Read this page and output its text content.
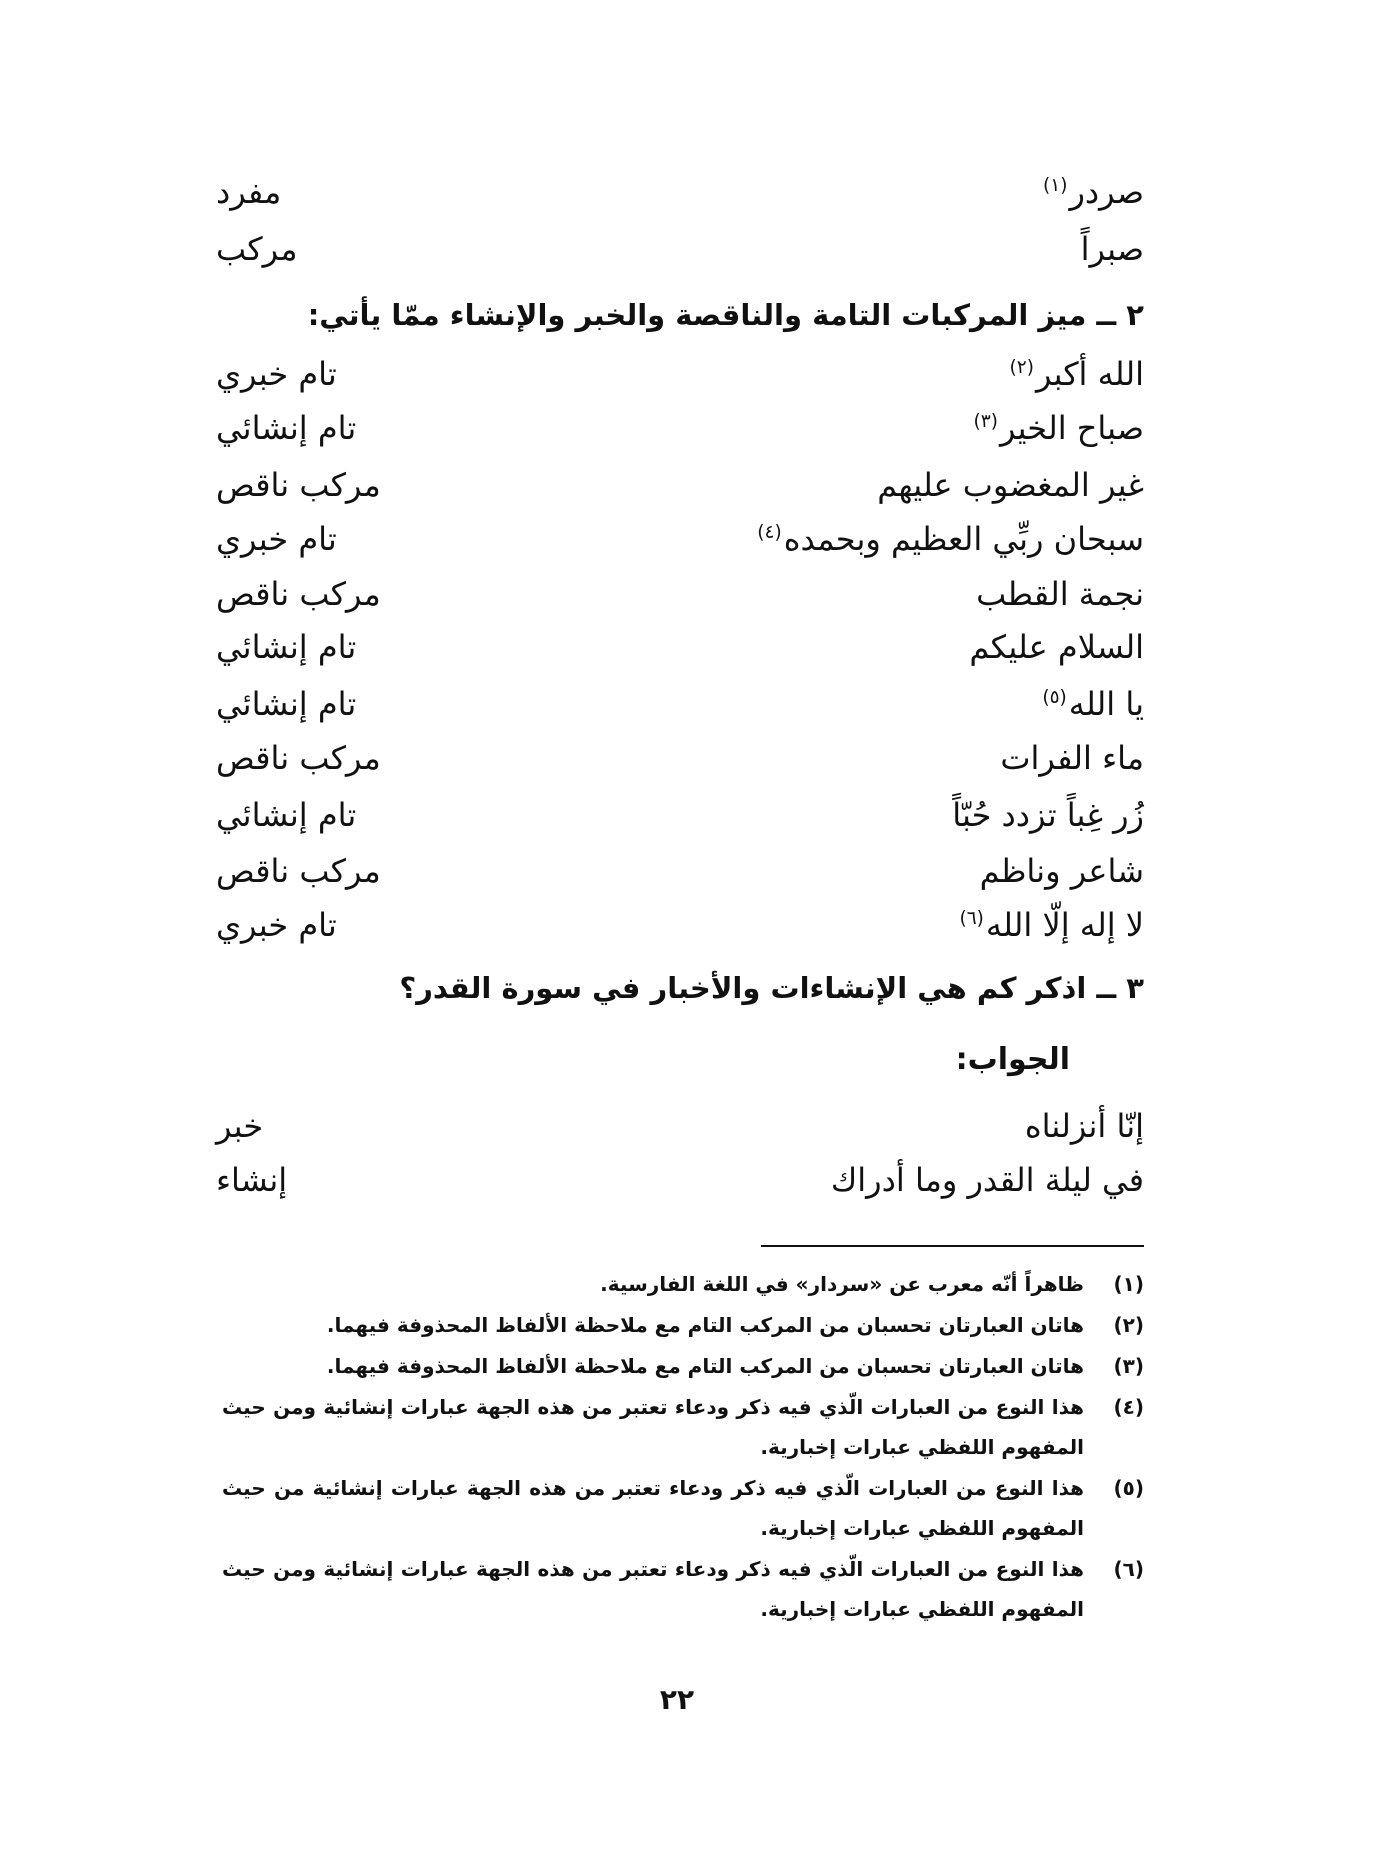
صردر$^{(١)}$
مفرد
صبراً
مركب
٢ ــ ميز المركبات التامة والناقصة والخبر والإنشاء ممّا يأتي:
الله أكبر$^{(٢)}$
تام خبري
صباح الخير$^{(٣)}$
تام إنشائي
غير المغضوب عليهم
مركب ناقص
سبحان ربِّي العظيم وبحمده$^{(٤)}$
تام خبري
نجمة القطب
مركب ناقص
السلام عليكم
تام إنشائي
يا الله$^{(٥)}$
تام إنشائي
ماء الفرات
مركب ناقص
زُر غِباً تزدد حُبّاً
تام إنشائي
شاعر وناظم
مركب ناقص
لا إله إلّا الله$^{(٦)}$
تام خبري
٣ ــ اذكر كم هي الإنشاءات والأخبار في سورة القدر؟
الجواب:
إنّا أنزلناه
خبر
في ليلة القدر وما أدراك
إنشاء
(١)
ظاهراً أنّه معرب عن «سردار» في اللغة الفارسية.
(٢)
هاتان العبارتان تحسبان من المركب التام مع ملاحظة الألفاظ المحذوفة فيهما.
(٣)
هاتان العبارتان تحسبان من المركب التام مع ملاحظة الألفاظ المحذوفة فيهما.
(٤)
هذا النوع من العبارات الّذي فيه ذكر ودعاء تعتبر من هذه الجهة عبارات إنشائية ومن حيث
المفهوم اللفظي عبارات إخبارية.
(٥)
هذا النوع من العبارات الّذي فيه ذكر ودعاء تعتبر من هذه الجهة عبارات إنشائية من حيث
المفهوم اللفظي عبارات إخبارية.
(٦)
هذا النوع من العبارات الّذي فيه ذكر ودعاء تعتبر من هذه الجهة عبارات إنشائية ومن حيث
المفهوم اللفظي عبارات إخبارية.
٢٢
